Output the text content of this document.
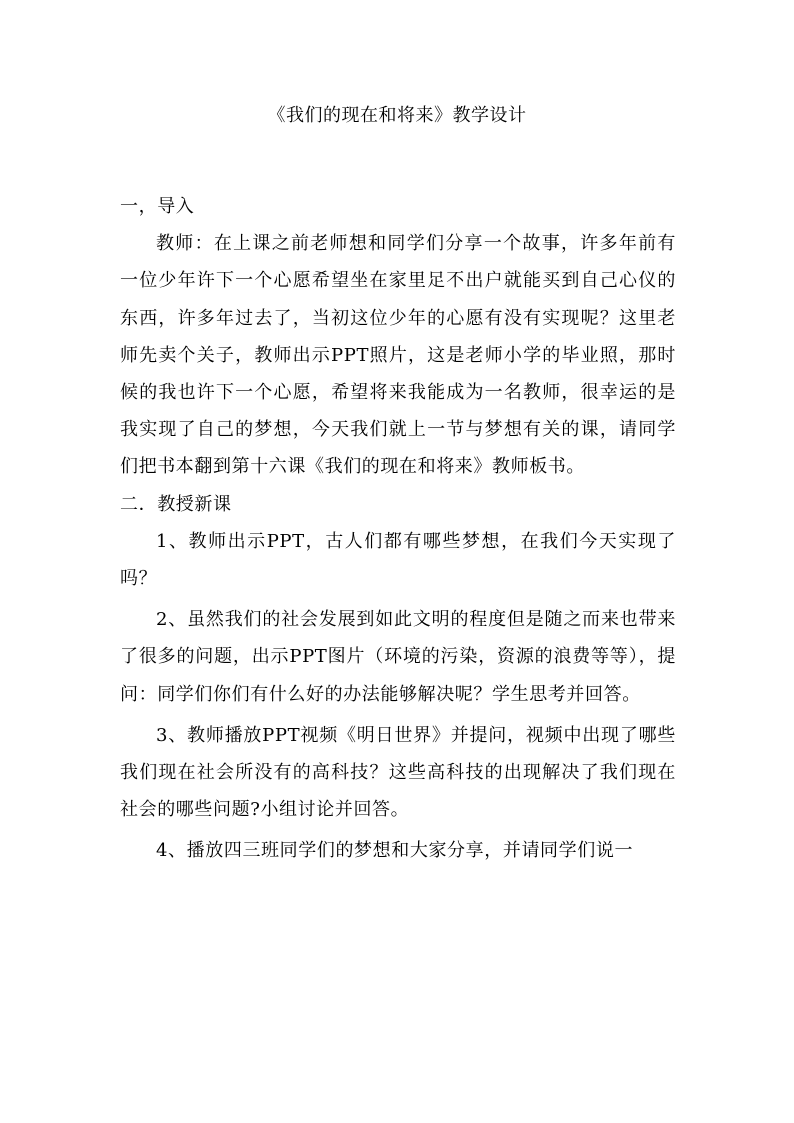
《我们的现在和将来》教学设计

一，导入

教师：在上课之前老师想和同学们分享一个故事，许多年前有一位少年许下一个心愿希望坐在家里足不出户就能买到自己心仪的东西，许多年过去了，当初这位少年的心愿有没有实现呢？这里老师先卖个关子，教师出示PPT照片，这是老师小学的毕业照，那时候的我也许下一个心愿，希望将来我能成为一名教师，很幸运的是我实现了自己的梦想，今天我们就上一节与梦想有关的课，请同学们把书本翻到第十六课《我们的现在和将来》教师板书。

二．教授新课

1、教师出示PPT，古人们都有哪些梦想，在我们今天实现了吗？

2、虽然我们的社会发展到如此文明的程度但是随之而来也带来了很多的问题，出示PPT图片（环境的污染，资源的浪费等等），提问：同学们你们有什么好的办法能够解决呢？学生思考并回答。

3、教师播放PPT视频《明日世界》并提问，视频中出现了哪些我们现在社会所没有的高科技？这些高科技的出现解决了我们现在社会的哪些问题?小组讨论并回答。

4、播放四三班同学们的梦想和大家分享，并请同学们说一
